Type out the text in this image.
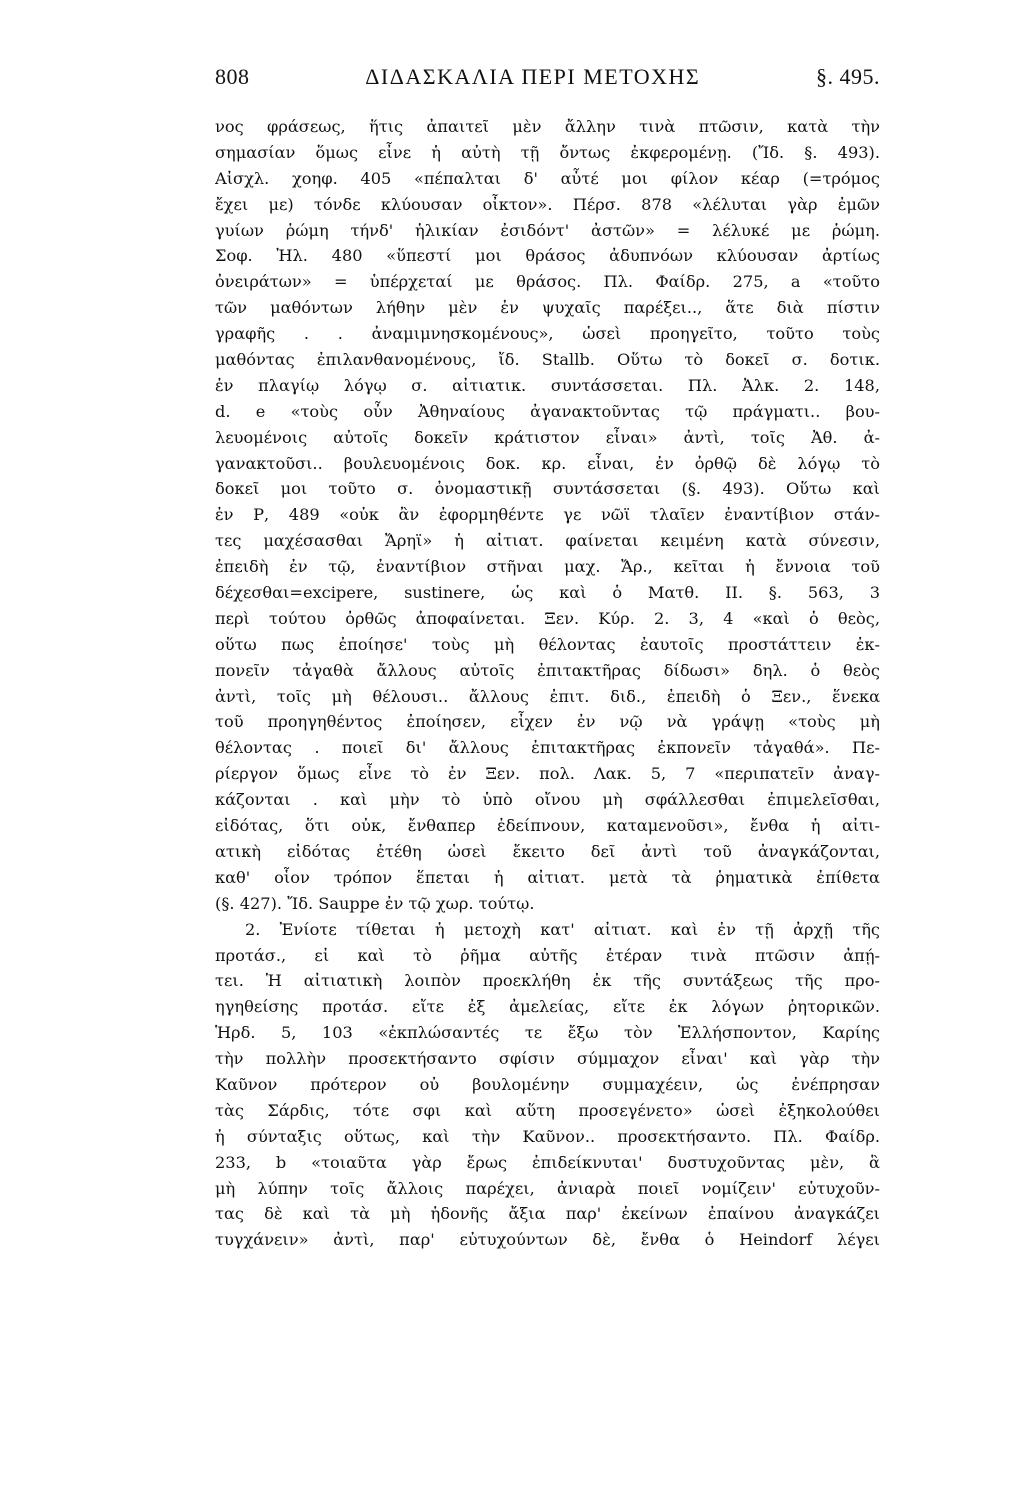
808	ΔΙΔΑΣΚΑΛΙΑ ΠΕΡΙ ΜΕΤΟΧΗΣ	§. 495.
νος φράσεως, ἥτις ἀπαιτεῖ μὲν ἄλλην τινὰ πτῶσιν, κατὰ τὴν
σημασίαν ὅμως εἶνε ἡ αὐτὴ τῇ ὄντως ἐκφερομένῃ. (Ἴδ. §. 493).
Αἰσχλ. χοηφ. 405 «πέπαλται δ' αὖτέ μοι φίλον κέαρ (=τρόμος
ἔχει με) τόνδε κλύουσαν οἶκτον». Πέρσ. 878 «λέλυται γὰρ ἐμῶν
γυίων ῥώμη τήνδ' ἡλικίαν ἐσιδόντ' ἀστῶν» = λέλυκέ με ῥώμη.
Σοφ. Ἠλ. 480 «ὕπεστί μοι θράσος ἀδυπνόων κλύουσαν ἀρτίως
ὀνειράτων» = ὑπέρχεταί με θράσος. Πλ. Φαίδρ. 275, a «τοῦτο
τῶν μαθόντων λήθην μὲν ἐν ψυχαῖς παρέξει.., ἅτε διὰ πίστιν
γραφῆς . . ἀναμιμνησκομένους», ὡσεὶ προηγεῖτο, τοῦτο τοὺς
μαθόντας ἐπιλανθανομένους, ἴδ. Stallb. Οὕτω τὸ δοκεῖ σ. δοτικ.
ἐν πλαγίῳ λόγῳ σ. αἰτιατικ. συντάσσεται. Πλ. Ἀλκ. 2. 148,
d. e «τοὺς οὖν Ἀθηναίους ἀγανακτοῦντας τῷ πράγματι.. βου-
λευομένοις αὐτοῖς δοκεῖν κράτιστον εἶναι» ἀντὶ, τοῖς Ἀθ. ἀ-
γανακτοῦσι.. βουλευομένοις δοκ. κρ. εἶναι, ἐν ὀρθῷ δὲ λόγῳ τὸ
δοκεῖ μοι τοῦτο σ. ὀνομαστικῇ συντάσσεται (§. 493). Οὕτω καὶ
ἐν Ρ, 489 «οὐκ ἂν ἐφορμηθέντε γε νῶϊ τλαῖεν ἐναντίβιον στάν-
τες μαχέσασθαι Ἄρηϊ» ἡ αἰτιατ. φαίνεται κειμένη κατὰ σύνεσιν,
ἐπειδὴ ἐν τῷ, ἐναντίβιον στῆναι μαχ. Ἄρ., κεῖται ἡ ἔννοια τοῦ
δέχεσθαι=excipere, sustinere, ὡς καὶ ὁ Ματθ. ΙΙ. §. 563, 3
περὶ τούτου ὀρθῶς ἀποφαίνεται. Ξεν. Κύρ. 2. 3, 4 «καὶ ὁ θεὸς,
οὕτω πως ἐποίησε' τοὺς μὴ θέλοντας ἑαυτοῖς προστάττειν ἐκ-
πονεῖν τἀγαθὰ ἄλλους αὐτοῖς ἐπιτακτῆρας δίδωσι» δηλ. ὁ θεὸς
ἀντὶ, τοῖς μὴ θέλουσι.. ἄλλους ἐπιτ. διδ., ἐπειδὴ ὁ Ξεν., ἕνεκα
τοῦ προηγηθέντος ἐποίησεν, εἶχεν ἐν νῷ νὰ γράψῃ «τοὺς μὴ
θέλοντας . ποιεῖ δι' ἄλλους ἐπιτακτῆρας ἐκπονεῖν τἀγαθά». Πε-
ρίεργον ὅμως εἶνε τὸ ἐν Ξεν. πολ. Λακ. 5, 7 «περιπατεῖν ἀναγ-
κάζονται . καὶ μὴν τὸ ὑπὸ οἴνου μὴ σφάλλεσθαι ἐπιμελεῖσθαι,
εἰδότας, ὅτι οὐκ, ἔνθαπερ ἐδείπνουν, καταμενοῦσι», ἔνθα ἡ αἰτι-
ατικὴ εἰδότας ἐτέθη ὡσεὶ ἔκειτο δεῖ ἀντὶ τοῦ ἀναγκάζονται,
καθ' οἷον τρόπον ἕπεται ἡ αἰτιατ. μετὰ τὰ ῥηματικὰ ἐπίθετα
(§. 427). Ἴδ. Sauppe ἐν τῷ χωρ. τούτῳ.
2. Ἐνίοτε τίθεται ἡ μετοχὴ κατ' αἰτιατ. καὶ ἐν τῇ ἀρχῇ τῆς
προτάσ., εἰ καὶ τὸ ῥῆμα αὐτῆς ἑτέραν τινὰ πτῶσιν ἀπῄ-
τει. Ἡ αἰτιατικὴ λοιπὸν προεκλήθη ἐκ τῆς συντάξεως τῆς προ-
ηγηθείσης προτάσ. εἴτε ἐξ ἀμελείας, εἴτε ἐκ λόγων ῥητορικῶν.
Ἡρδ. 5, 103 «ἐκπλώσαντές τε ἔξω τὸν Ἑλλήσποντον, Καρίης
τὴν πολλὴν προσεκτήσαντο σφίσιν σύμμαχον εἶναι' καὶ γὰρ τὴν
Καῦνον πρότερον οὐ βουλομένην συμμαχέειν, ὡς ἐνέπρησαν
τὰς Σάρδις, τότε σφι καὶ αὕτη προσεγένετο» ὡσεὶ ἐξηκολούθει
ἡ σύνταξις οὕτως, καὶ τὴν Καῦνον.. προσεκτήσαντο. Πλ. Φαίδρ.
233, b «τοιαῦτα γὰρ ἔρως ἐπιδείκνυται' δυστυχοῦντας μὲν, ἃ
μὴ λύπην τοῖς ἄλλοις παρέχει, ἀνιαρὰ ποιεῖ νομίζειν' εὐτυχοῦν-
τας δὲ καὶ τὰ μὴ ἡδονῆς ἄξια παρ' ἐκείνων ἐπαίνου ἀναγκάζει
τυγχάνειν» ἀντὶ, παρ' εὐτυχούντων δὲ, ἔνθα ὁ Heindorf λέγει
